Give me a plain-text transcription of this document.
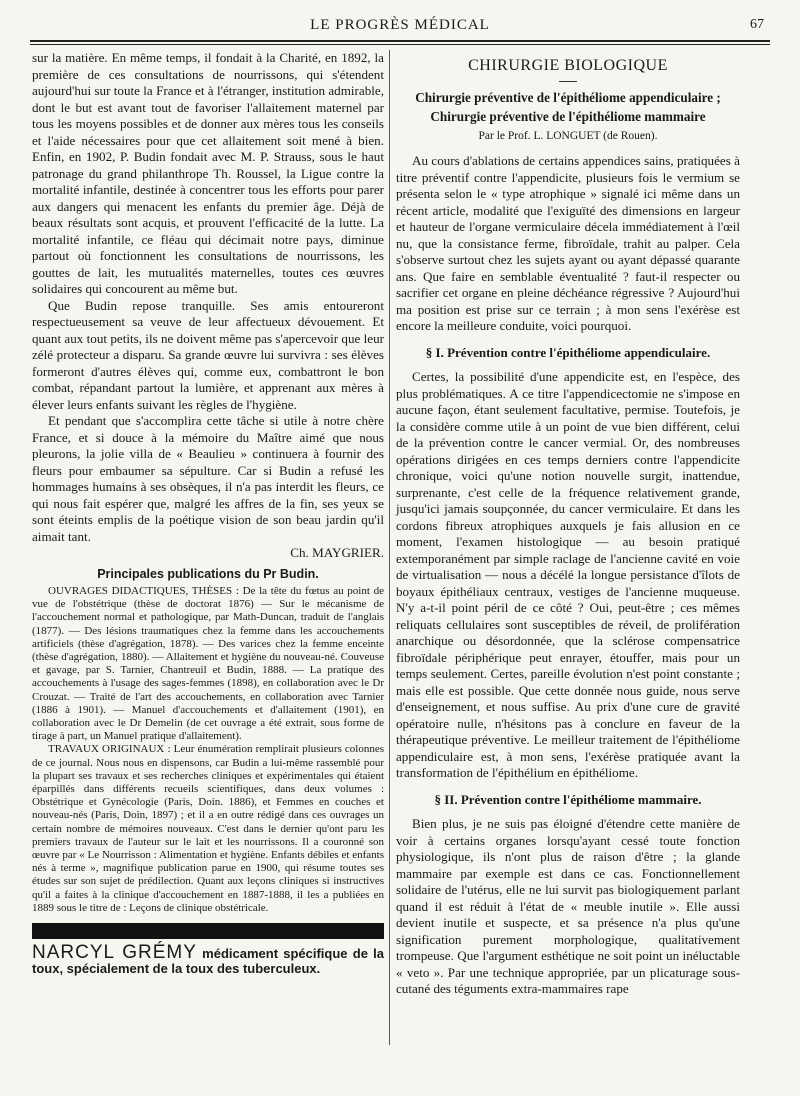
LE PROGRÈS MÉDICAL	67

sur la matière. En même temps, il fondait à la Charité, en 1892, la première de ces consultations de nourrissons, qui s'étendent aujourd'hui sur toute la France et à l'étranger, institution admirable, dont le but est avant tout de favoriser l'allaitement maternel par tous les moyens possibles et de donner aux mères tous les conseils et l'aide nécessaires pour que cet allaitement soit mené à bien. Enfin, en 1902, P. Budin fondait avec M. P. Strauss, sous le haut patronage du grand philanthrope Th. Roussel, la Ligue contre la mortalité infantile, destinée à concentrer tous les efforts pour parer aux dangers qui menacent les enfants du premier âge. Déjà de beaux résultats sont acquis, et prouvent l'efficacité de la lutte. La mortalité infantile, ce fléau qui décimait notre pays, diminue partout où fonctionnent les consultations de nourrissons, les gouttes de lait, les mutualités maternelles, toutes ces œuvres solidaires qui concourent au même but.

Que Budin repose tranquille. Ses amis entoureront respectueusement sa veuve de leur affectueux dévouement. Et quant aux tout petits, ils ne doivent même pas s'apercevoir que leur zélé protecteur a disparu. Sa grande œuvre lui survivra : ses élèves formeront d'autres élèves qui, comme eux, combattront le bon combat, répandant partout la lumière, et apprenant aux mères à élever leurs enfants suivant les règles de l'hygiène.

Et pendant que s'accomplira cette tâche si utile à notre chère France, et si douce à la mémoire du Maître aimé que nous pleurons, la jolie villa de « Beaulieu » continuera à fournir des fleurs pour embaumer sa sépulture. Car si Budin a refusé les hommages humains à ses obsèques, il n'a pas interdit les fleurs, ce qui nous fait espérer que, malgré les affres de la fin, ses yeux se sont éteints emplis de la poétique vision de son beau jardin qu'il aimait tant.

Ch. MAYGRIER.

Principales publications du Pr Budin.

OUVRAGES DIDACTIQUES, THÈSES : De la tête du fœtus au point de vue de l'obstétrique (thèse de doctorat 1876) — Sur le mécanisme de l'accouchement normal et pathologique, par Math-Duncan, traduit de l'anglais (1877). — Des lésions traumatiques chez la femme dans les accouchements artificiels (thèse d'agrégation, 1878). — Des varices chez la femme enceinte (thèse d'agrégation, 1880). — Allaitement et hygiène du nouveau-né. Couveuse et gavage, par S. Tarnier, Chantreuil et Budin, 1888. — La pratique des accouchements à l'usage des sages-femmes (1898), en collaboration avec le Dr Crouzat. — Traité de l'art des accouchements, en collaboration avec Tarnier (1886 à 1901). — Manuel d'accouchements et d'allaitement (1901), en collaboration avec le Dr Demelin (de cet ouvrage a été extrait, sous forme de tirage à part, un Manuel pratique d'allaitement).

TRAVAUX ORIGINAUX : Leur énumération remplirait plusieurs colonnes de ce journal. Nous nous en dispensons, car Budin a lui-même rassemblé pour la plupart ses travaux et ses recherches cliniques et expérimentales qui étaient éparpillés dans différents recueils scientifiques, dans deux volumes : Obstétrique et Gynécologie (Paris, Doin. 1886), et Femmes en couches et nouveau-nés (Paris, Doin, 1897) ; et il a en outre rédigé dans ces ouvrages un certain nombre de mémoires nouveaux. C'est dans le dernier qu'ont paru les premiers travaux de l'auteur sur le lait et les nourrissons. Il a couronné son œuvre par « Le Nourrisson : Alimentation et hygiène. Enfants débiles et enfants nés à terme », magnifique publication parue en 1900, qui résume toutes ses études sur son sujet de prédilection. Quant aux leçons cliniques si instructives qu'il a faites à la clinique d'accouchement en 1887-1888, il les a publiées en 1889 sous le titre de : Leçons de clinique obstétricale.

NARCYL GRÉMY médicament spécifique de la toux, spécialement de la toux des tuberculeux.
CHIRURGIE BIOLOGIQUE
Chirurgie préventive de l'épithéliome appendiculaire ;
Chirurgie préventive de l'épithéliome mammaire
Par le Prof. L. LONGUET (de Rouen).

Au cours d'ablations de certains appendices sains, pratiquées à titre préventif contre l'appendicite, plusieurs fois le vermium se présenta selon le « type atrophique » signalé ici même dans un récent article, modalité que l'exiguïté des dimensions en largeur et hauteur de l'organe vermiculaire décela immédiatement à l'œil nu, que la consistance ferme, fibroïdale, trahit au palper. Cela s'observe surtout chez les sujets ayant ou ayant dépassé quarante ans. Que faire en semblable éventualité ? faut-il respecter ou sacrifier cet organe en pleine déchéance régressive ? Aujourd'hui ma position est prise sur ce terrain ; à mon sens l'exérèse est encore la meilleure conduite, voici pourquoi.

§ I. Prévention contre l'épithéliome appendiculaire.

Certes, la possibilité d'une appendicite est, en l'espèce, des plus problématiques. A ce titre l'appendicectomie ne s'impose en aucune façon, étant seulement facultative, permise. Toutefois, je la considère comme utile à un point de vue bien différent, celui de la prévention contre le cancer vermial. Or, des nombreuses opérations dirigées en ces temps derniers contre l'appendicite chronique, voici qu'une notion nouvelle surgit, inattendue, surprenante, c'est celle de la fréquence relativement grande, jusqu'ici jamais soupçonnée, du cancer vermiculaire. Et dans les cordons fibreux atrophiques auxquels je fais allusion en ce moment, l'examen histologique — au besoin pratiqué extemporanément par simple raclage de l'ancienne cavité en voie de virtualisation — nous a décélé la longue persistance d'îlots de boyaux épithéliaux centraux, vestiges de l'ancienne muqueuse. N'y a-t-il point péril de ce côté ? Oui, peut-être ; ces mêmes reliquats cellulaires sont susceptibles de réveil, de prolifération anarchique ou désordonnée, que la sclérose compensatrice fibroïdale périphérique peut enrayer, étouffer, mais pour un temps seulement. Certes, pareille évolution n'est point constante ; mais elle est possible. Que cette donnée nous guide, nous serve d'enseignement, et nous suffise. Au prix d'une cure de gravité opératoire nulle, n'hésitons pas à conclure en faveur de la thérapeutique préventive. Le meilleur traitement de l'épithéliome appendiculaire est, à mon sens, l'exérèse pratiquée avant la transformation de l'épithélium en épithéliome.

§ II. Prévention contre l'épithéliome mammaire.

Bien plus, je ne suis pas éloigné d'étendre cette manière de voir à certains organes lorsqu'ayant cessé toute fonction physiologique, ils n'ont plus de raison d'être ; la glande mammaire par exemple est dans ce cas. Fonctionnellement solidaire de l'utérus, elle ne lui survit pas biologiquement parlant quand il est réduit à l'état de « meuble inutile ». Elle aussi devient inutile et suspecte, et sa présence n'a plus qu'une signification purement morphologique, qualitativement trompeuse. Que l'argument esthétique ne soit point un inéluctable « veto ». Par une technique appropriée, par un plicaturage sous-cutané des téguments extra-mammaires rape
